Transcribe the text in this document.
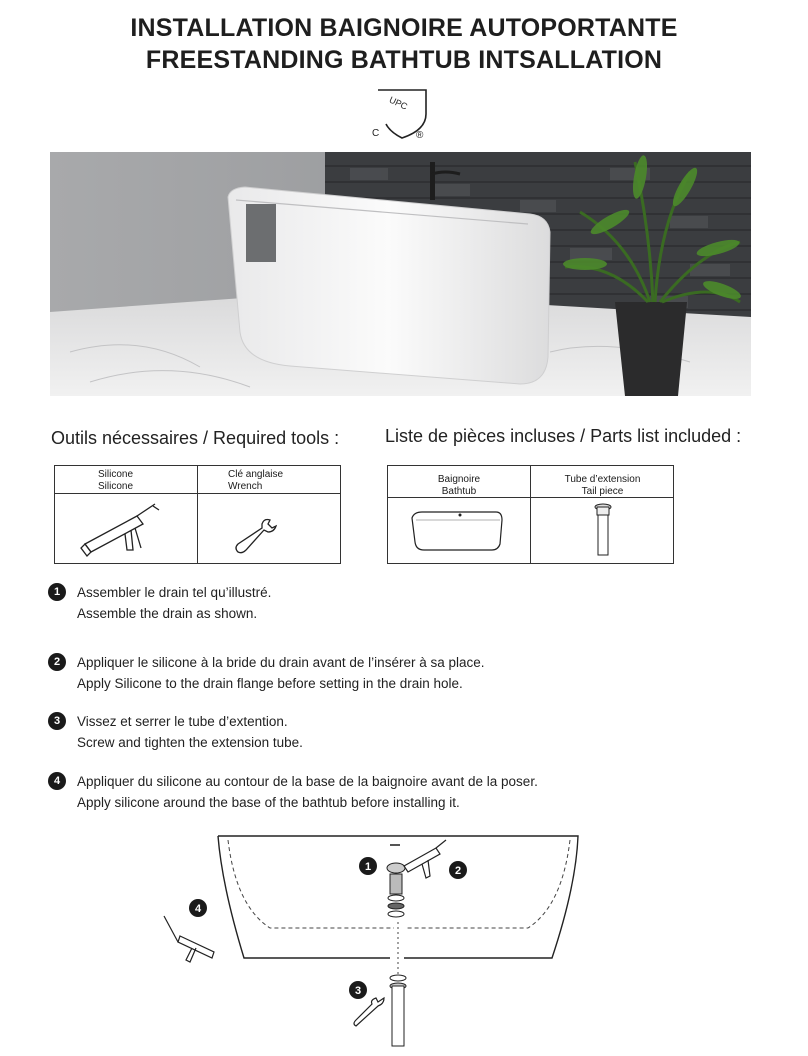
INSTALLATION BAIGNOIRE AUTOPORTANTE
FREESTANDING BATHTUB INTSALLATION
UPC
C	®
Outils nécessaires / Required tools :	Liste de pièces incluses / Parts list included :
Silicone
Silicone
Clé anglaise
Wrench
Baignoire
Bathtub
Tube d’extension
Tail piece
1	Assembler le drain tel qu’illustré.
Assemble the drain as shown.
2	Appliquer le silicone à la bride du drain avant de l’insérer à sa place.
Apply Silicone to the drain flange before setting in the drain hole.
3	Vissez et serrer le tube d’extention.
Screw and tighten the extension tube.
4	Appliquer du silicone au contour de la base de la baignoire avant de la poser.
Apply silicone around the base of the bathtub before installing it.
1	2
3
4
